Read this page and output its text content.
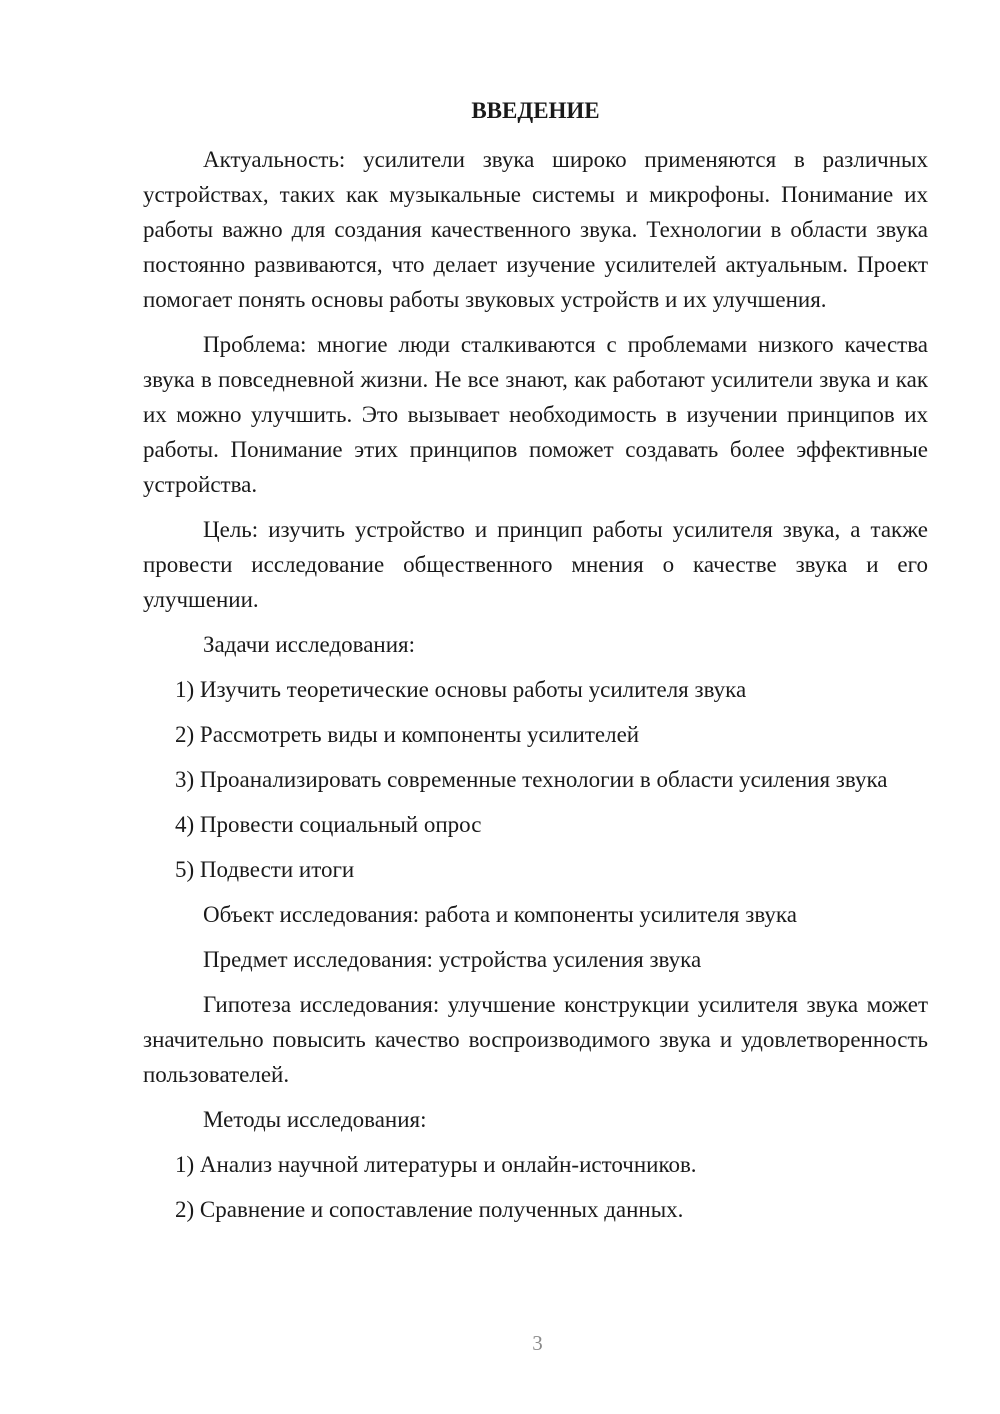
ВВЕДЕНИЕ

Актуальность: усилители звука широко применяются в различных устройствах, таких как музыкальные системы и микрофоны. Понимание их работы важно для создания качественного звука. Технологии в области звука постоянно развиваются, что делает изучение усилителей актуальным. Проект помогает понять основы работы звуковых устройств и их улучшения.

Проблема: многие люди сталкиваются с проблемами низкого качества звука в повседневной жизни. Не все знают, как работают усилители звука и как их можно улучшить. Это вызывает необходимость в изучении принципов их работы. Понимание этих принципов поможет создавать более эффективные устройства.

Цель: изучить устройство и принцип работы усилителя звука, а также провести исследование общественного мнения о качестве звука и его улучшении.

Задачи исследования:

1) Изучить теоретические основы работы усилителя звука

2) Рассмотреть виды и компоненты усилителей

3) Проанализировать современные технологии в области усиления звука

4) Провести социальный опрос

5) Подвести итоги

Объект исследования: работа и компоненты усилителя звука

Предмет исследования: устройства усиления звука

Гипотеза исследования: улучшение конструкции усилителя звука может значительно повысить качество воспроизводимого звука и удовлетворенность пользователей.

Методы исследования:

1) Анализ научной литературы и онлайн-источников.

2) Сравнение и сопоставление полученных данных.

3
